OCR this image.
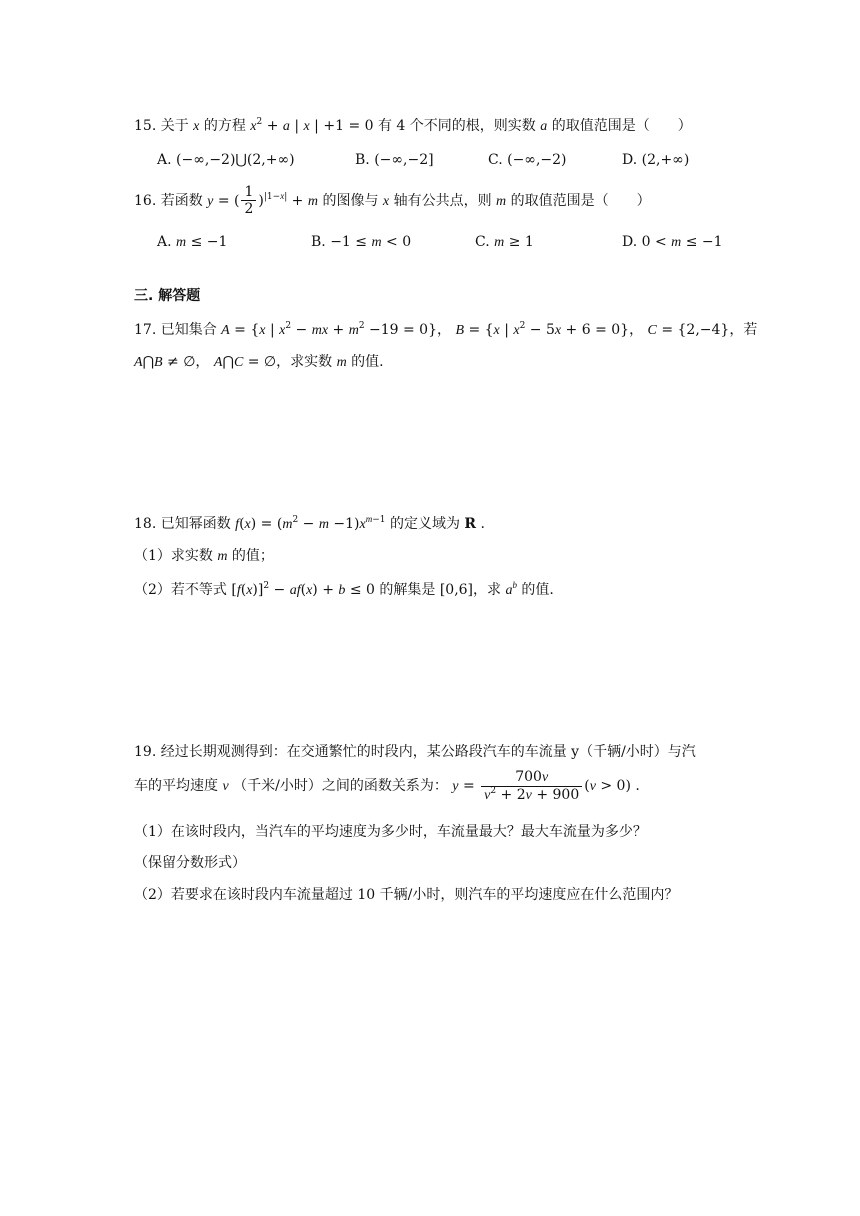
15. 关于 x 的方程 $x^2 + a$ | x | +1 = 0 有 4 个不同的根，则实数 a 的取值范围是（　　）
A. (−∞,−2)⋃(2,+∞)	B. (−∞,−2]	C. (−∞,−2)	D. (2,+∞)
16. 若函数 y = ( $\frac{1}{2} )^{|1-x|} + m$ 的图像与 x 轴有公共点，则 m 的取值范围是（　　）
A. m ≤ −1	B. −1 ≤ m < 0	C. m ≥ 1	D. 0 < m ≤ −1
三. 解答题
17. 已知集合 A = {x | $x^2$ − mx + $m^2 -19 = 0$}， B = {x | $x^2 - 5x + 6 = 0$}， C = {2,−4}，若
A⋂B ≠ ∅， A⋂C = ∅，求实数 m 的值.
18. 已知幂函数 $f(x) = (m^2 - m -1)x^{m-1}$ 的定义域为 R .
（1）求实数 m 的值；
（2）若不等式 $[f(x)]^2 - af(x) + b \le 0$ 的解集是 [0,6]，求 $a^b$ 的值.
19. 经过长期观测得到：在交通繁忙的时段内，某公路段汽车的车流量 y（千辆/小时）与汽
车的平均速度 v （千米/小时）之间的函数关系为： $y = \frac{700v}{v^2 + 2v + 900} (v > 0)$ .
（1）在该时段内，当汽车的平均速度为多少时，车流量最大？最大车流量为多少？
（保留分数形式）
（2）若要求在该时段内车流量超过 10 千辆/小时，则汽车的平均速度应在什么范围内？
